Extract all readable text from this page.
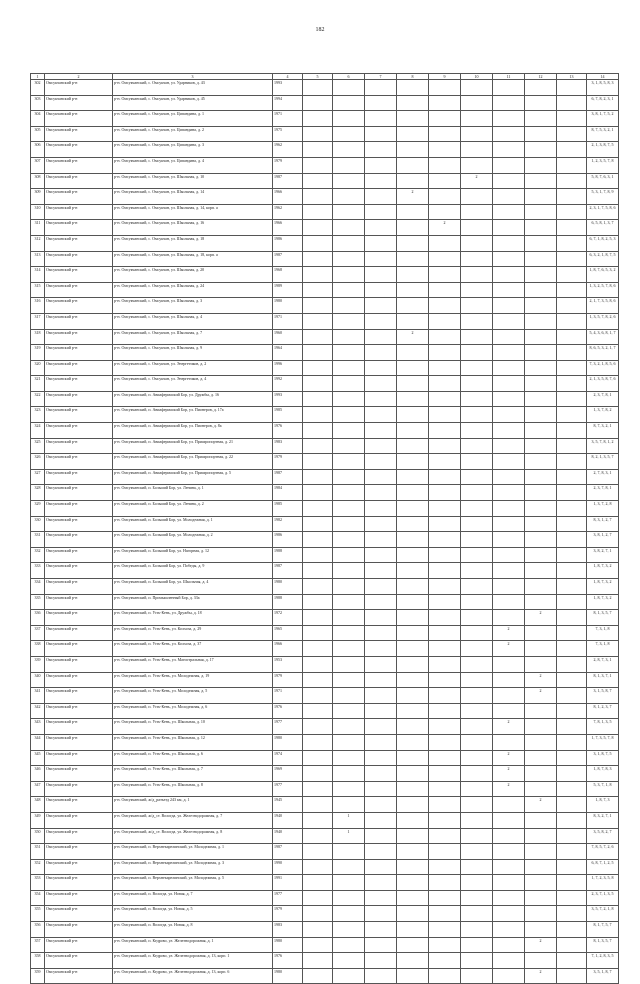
182
1	2	3	4	5	6	7	8	9	10	11	12	13	14
302	Омсукчанский р-н	р-н. Омсукчанский, с. Омсукчан, ул. Ударников, д. 43	1993										3, 1, 8, 5, 8, 3
303	Омсукчанский р-н	р-н. Омсукчанский, с. Омсукчан, ул. Ударников, д. 45	1994										6, 7, 8, 2, 3, 1
304	Омсукчанский р-н	р-н. Омсукчанский, с. Омсукчан, ул. Ципандина, д. 1	1971										3, 8, 1, 7, 5, 2
305	Омсукчанский р-н	р-н. Омсукчанский, с. Омсукчан, ул. Ципандина, д. 2	1975										8, 7, 5, 3, 2, 1
306	Омсукчанский р-н	р-н. Омсукчанский, с. Омсукчан, ул. Ципандина, д. 3	1962										2, 1, 3, 8, 7, 5
307	Омсукчанский р-н	р-н. Омсукчанский, с. Омсукчан, ул. Ципандина, д. 4	1979										1, 2, 3, 5, 7, 8
308	Омсукчанский р-н	р-н. Омсукчанский, с. Омсукчан, ул. Школьная, д. 10	1987						2				5, 8, 7, 6, 3, 1
309	Омсукчанский р-н	р-н. Омсукчанский, с. Омсукчан, ул. Школьная, д. 14	1966				2						5, 3, 1, 7, 8, 9
310	Омсукчанский р-н	р-н. Омсукчанский, с. Омсукчан, ул. Школьная, д. 14, корп. а	1962										2, 3, 1, 7, 5, 8, 6
311	Омсукчанский р-н	р-н. Омсукчанский, с. Омсукчан, ул. Школьная, д. 16	1966					2					6, 5, 8, 1, 3, 7
312	Омсукчанский р-н	р-н. Омсукчанский, с. Омсукчан, ул. Школьная, д. 18	1986										6, 7, 1, 8, 2, 5, 3
313	Омсукчанский р-н	р-н. Омсукчанский, с. Омсукчан, ул. Школьная, д. 18, корп. а	1987										6, 3, 2, 1, 8, 7, 5
314	Омсукчанский р-н	р-н. Омсукчанский, с. Омсукчан, ул. Школьная, д. 20	1968										1, 8, 7, 6, 5, 3, 2
315	Омсукчанский р-н	р-н. Омсукчанский, с. Омсукчан, ул. Школьная, д. 24	1989										1, 3, 2, 5, 7, 8, 6
316	Омсукчанский р-н	р-н. Омсукчанский, с. Омсукчан, ул. Школьная, д. 3	1980										2, 1, 7, 3, 5, 8, 6
317	Омсукчанский р-н	р-н. Омсукчанский, с. Омсукчан, ул. Школьная, д. 4	1971										1, 3, 5, 7, 8, 2, 6
318	Омсукчанский р-н	р-н. Омсукчанский, с. Омсукчан, ул. Школьная, д. 7	1960				2						5, 4, 3, 6, 8, 1, 7
319	Омсукчанский р-н	р-н. Омсукчанский, с. Омсукчан, ул. Школьная, д. 9	1964										8, 6, 5, 3, 2, 1, 7
320	Омсукчанский р-н	р-н. Омсукчанский, с. Омсукчан, ул. Энергетиков, д. 2	1996										7, 3, 2, 1, 8, 5, 6
321	Омсукчанский р-н	р-н. Омсукчанский, с. Омсукчан, ул. Энергетиков, д. 4	1992										2, 1, 3, 5, 8, 7, 6
322	Омсукчанский р-н	р-н. Омсукчанский, п. Авиафермаский Бор, ул. Дружбы, д. 16	1993										2, 3, 7, 8, 1
323	Омсукчанский р-н	р-н. Омсукчанский, п. Авиафермаский Бор, ул. Пионеров, д. 17а	1985										1, 3, 7, 8, 2
324	Омсукчанский р-н	р-н. Омсукчанский, п. Авиафермаский Бор, ул. Пионеров, д. 8а	1976										8, 7, 3, 2, 1
325	Омсукчанский р-н	р-н. Омсукчанский, п. Авиафермаский Бор, ул. Приаэропортная, д. 21	1983										3, 5, 7, 8, 1, 2
326	Омсукчанский р-н	р-н. Омсукчанский, п. Авиафермаский Бор, ул. Приаэропортная, д. 22	1979										8, 2, 1, 3, 5, 7
327	Омсукчанский р-н	р-н. Омсукчанский, п. Авиафермаский Бор, ул. Приаэропортная, д. 5	1987										2, 7, 8, 3, 1
328	Омсукчанский р-н	р-н. Омсукчанский, п. Больший Бор, ул. Ленина, д. 1	1984										2, 3, 7, 8, 1
329	Омсукчанский р-н	р-н. Омсукчанский, п. Больший Бор, ул. Ленина, д. 2	1985										1, 3, 7, 2, 8
330	Омсукчанский р-н	р-н. Омсукчанский, п. Больший Бор, ул. Молодежная, д. 1	1982										8, 3, 1, 2, 7
331	Омсукчанский р-н	р-н. Омсукчанский, п. Больший Бор, ул. Молодежная, д. 2	1986										3, 8, 1, 2, 7
332	Омсукчанский р-н	р-н. Омсукчанский, п. Больший Бор, ул. Нагорная, д. 12	1988										3, 8, 2, 7, 1
333	Омсукчанский р-н	р-н. Омсукчанский, п. Больший Бор, ул. Победы, д. 9	1987										1, 8, 7, 3, 2
334	Омсукчанский р-н	р-н. Омсукчанский, п. Больший Бор, ул. Школьная, д. 4	1980										1, 8, 7, 3, 2
335	Омсукчанский р-н	р-н. Омсукчанский, п. Промышленный Бор, д. 33а	1988										1, 8, 7, 3, 2
336	Омсукчанский р-н	р-н. Омсукчанский, п. Усть-Кень, ул. Дружбы, д. 18	1972								2		8, 1, 3, 5, 7
337	Омсукчанский р-н	р-н. Омсукчанский, п. Усть-Кень, ул. Колхоза, д. 29	1965							2			7, 3, 1, 8
338	Омсукчанский р-н	р-н. Омсукчанский, п. Усть-Кень, ул. Колхоза, д. 37	1966							2			7, 3, 1, 8
339	Омсукчанский р-н	р-н. Омсукчанский, п. Усть-Кень, ул. Магистральная, д. 17	1953										2, 8, 7, 3, 1
340	Омсукчанский р-н	р-н. Омсукчанский, п. Усть-Кень, ул. Молодежная, д. 19	1979								2		8, 1, 3, 7, 1
341	Омсукчанский р-н	р-н. Омсукчанский, п. Усть-Кень, ул. Молодежная, д. 5	1971								2		3, 1, 5, 8, 7
342	Омсукчанский р-н	р-н. Омсукчанский, п. Усть-Кень, ул. Молодежная, д. 6	1976										8, 1, 2, 3, 7
343	Омсукчанский р-н	р-н. Омсукчанский, п. Усть-Кень, ул. Школьная, д. 10	1977							2			7, 8, 1, 3, 5
344	Омсукчанский р-н	р-н. Омсукчанский, п. Усть-Кень, ул. Школьная, д. 12	1980										1, 7, 3, 5, 7, 8
345	Омсукчанский р-н	р-н. Омсукчанский, п. Усть-Кень, ул. Школьная, д. 6	1974							2			3, 1, 8, 7, 5
346	Омсукчанский р-н	р-н. Омсукчанский, п. Усть-Кень, ул. Школьная, д. 7	1969							2			1, 8, 7, 8, 3
347	Омсукчанский р-н	р-н. Омсукчанский, п. Усть-Кень, ул. Школьная, д. 8	1977							2			5, 3, 7, 1, 8
348	Омсукчанский р-н	р-н. Омсукчанский, ж/д_разъезд 243 км, д. 1	1945								2		1, 8, 7, 3
349	Омсукчанский р-н	р-н. Омсукчанский, ж/д_ст. Вологда, ул. Железнодорожная, д. 7	1940		1								8, 3, 2, 7, 1
350	Омсукчанский р-н	р-н. Омсукчанский, ж/д_ст. Вологда, ул. Железнодорожная, д. 8	1940		1								3, 5, 8, 2, 7
351	Омсукчанский р-н	р-н. Омсукчанский, п. Верхнекарелинский, ул. Молодежная, д. 1	1987										7, 8, 5, 7, 2, 6
352	Омсукчанский р-н	р-н. Омсукчанский, п. Верхнекарелинский, ул. Молодежная, д. 3	1990										6, 8, 7, 1, 2, 5
353	Омсукчанский р-н	р-н. Омсукчанский, п. Верхнекарелинский, ул. Молодежная, д. 5	1991										1, 7, 2, 3, 5, 8
354	Омсукчанский р-н	р-н. Омсукчанский, п. Вологда, ул. Новая, д. 7	1977										2, 3, 7, 1, 3, 5
355	Омсукчанский р-н	р-н. Омсукчанский, п. Вологда, ул. Новая, д. 5	1979										3, 5, 7, 2, 1, 8
356	Омсукчанский р-н	р-н. Омсукчанский, п. Вологда, ул. Новая, д. 8	1983										8, 1, 7, 5, 7
357	Омсукчанский р-н	р-н. Омсукчанский, п. Кедрово, ул. Железнодорожная, д. 1	1980								2		8, 1, 3, 5, 7
358	Омсукчанский р-н	р-н. Омсукчанский, п. Кедрово, ул. Железнодорожная, д. 13, корп. 1	1976										7, 1, 2, 8, 3, 5
359	Омсукчанский р-н	р-н. Омсукчанский, п. Кедрово, ул. Железнодорожная, д. 13, корп. 6	1980								2		3, 5, 1, 8, 7
